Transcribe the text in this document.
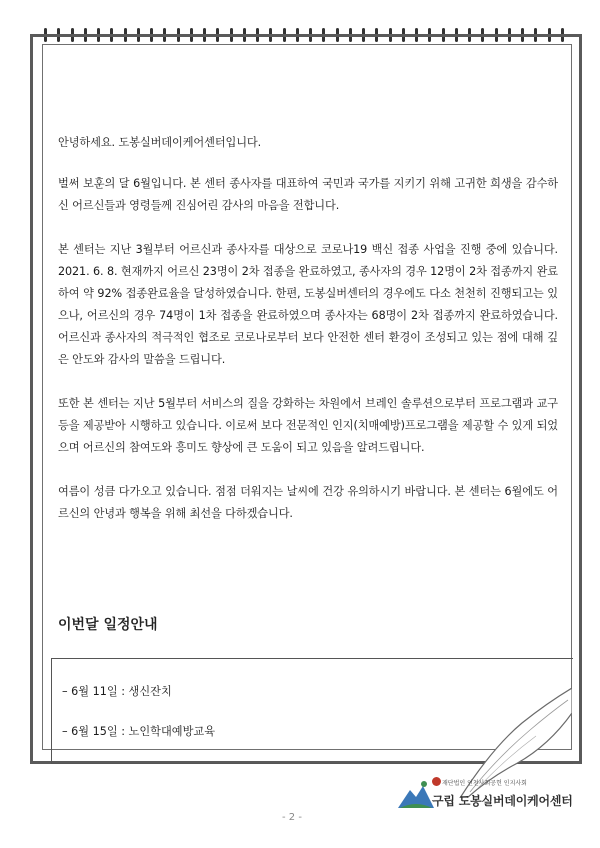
안녕하세요. 도봉실버데이케어센터입니다.

벌써 보훈의 달 6월입니다. 본 센터 종사자를 대표하여 국민과 국가를 지키기 위해 고귀한 희생을 감수하신 어르신들과 영령들께 진심어린 감사의 마음을 전합니다.

본 센터는 지난 3월부터 어르신과 종사자를 대상으로 코로나19 백신 접종 사업을 진행 중에 있습니다. 2021. 6. 8. 현재까지 어르신 23명이 2차 접종을 완료하였고, 종사자의 경우 12명이 2차 접종까지 완료하여 약 92% 접종완료율을 달성하였습니다. 한편, 도봉실버센터의 경우에도 다소 천천히 진행되고는 있으나, 어르신의 경우 74명이 1차 접종을 완료하였으며 종사자는 68명이 2차 접종까지 완료하였습니다. 어르신과 종사자의 적극적인 협조로 코로나로부터 보다 안전한 센터 환경이 조성되고 있는 점에 대해 깊은 안도와 감사의 말씀을 드립니다.

또한 본 센터는 지난 5월부터 서비스의 질을 강화하는 차원에서 브레인 솔루션으로부터 프로그램과 교구 등을 제공받아 시행하고 있습니다. 이로써 보다 전문적인 인지(치매예방)프로그램을 제공할 수 있게 되었으며 어르신의 참여도와 흥미도 향상에 큰 도움이 되고 있음을 알려드립니다.

여름이 성큼 다가오고 있습니다. 점점 더워지는 날씨에 건강 유의하시기 바랍니다. 본 센터는 6월에도 어르신의 안녕과 행복을 위해 최선을 다하겠습니다.

이번달 일정안내
– 6월 11일 : 생신잔치
– 6월 15일 : 노인학대예방교육
재단법인 인천사회공헌 인지사회
구립 도봉실버데이케어센터
- 2 -
